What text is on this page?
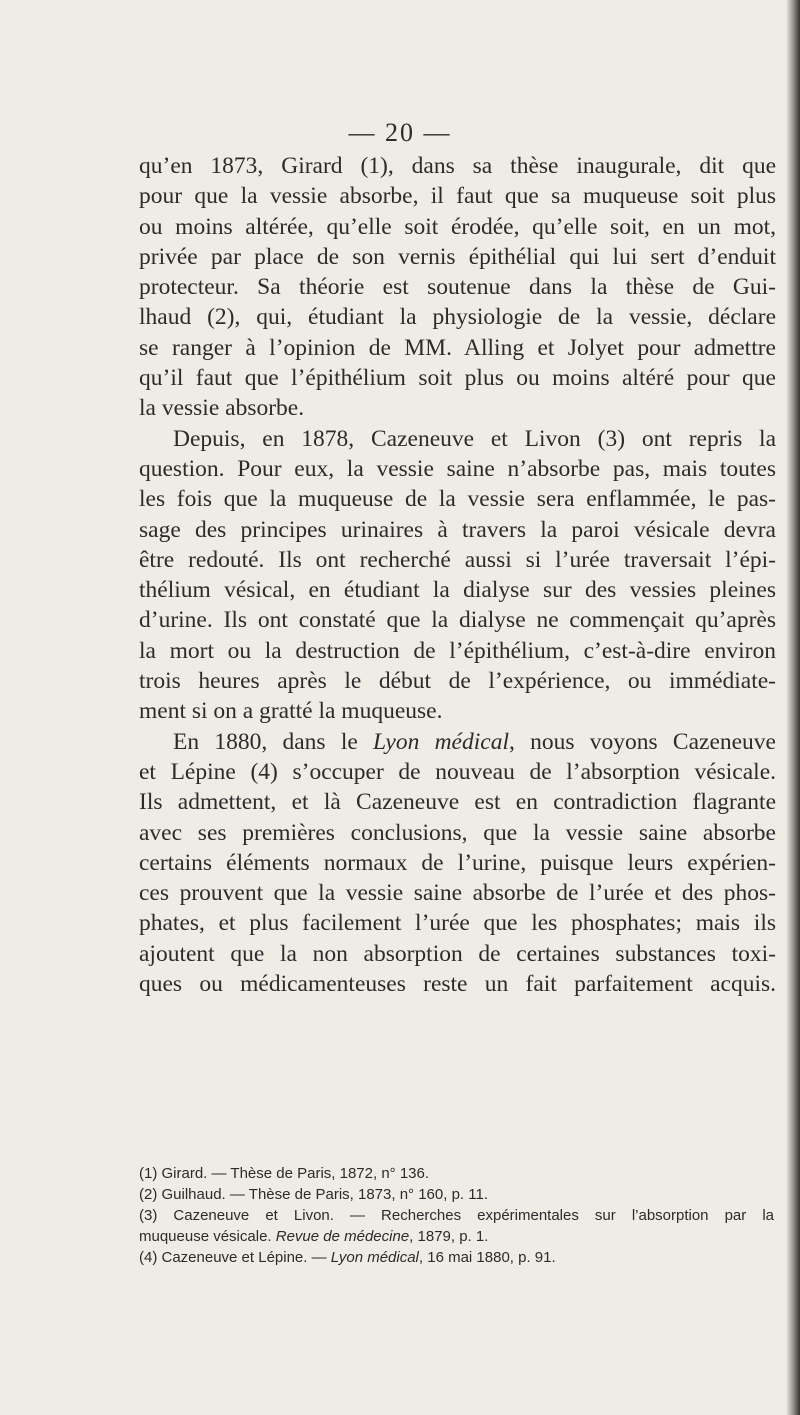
— 20 —
qu’en 1873, Girard (1), dans sa thèse inaugurale, dit que
pour que la vessie absorbe, il faut que sa muqueuse soit plus
ou moins altérée, qu’elle soit érodée, qu’elle soit, en un mot,
privée par place de son vernis épithélial qui lui sert d’enduit
protecteur. Sa théorie est soutenue dans la thèse de Gui-
lhaud (2), qui, étudiant la physiologie de la vessie, déclare
se ranger à l’opinion de MM. Alling et Jolyet pour admettre
qu’il faut que l’épithélium soit plus ou moins altéré pour que
la vessie absorbe.
Depuis, en 1878, Cazeneuve et Livon (3) ont repris la
question. Pour eux, la vessie saine n’absorbe pas, mais toutes
les fois que la muqueuse de la vessie sera enflammée, le pas-
sage des principes urinaires à travers la paroi vésicale devra
être redouté. Ils ont recherché aussi si l’urée traversait l’épi-
thélium vésical, en étudiant la dialyse sur des vessies pleines
d’urine. Ils ont constaté que la dialyse ne commençait qu’après
la mort ou la destruction de l’épithélium, c’est-à-dire environ
trois heures après le début de l’expérience, ou immédiate-
ment si on a gratté la muqueuse.
En 1880, dans le Lyon médical, nous voyons Cazeneuve
et Lépine (4) s’occuper de nouveau de l’absorption vésicale.
Ils admettent, et là Cazeneuve est en contradiction flagrante
avec ses premières conclusions, que la vessie saine absorbe
certains éléments normaux de l’urine, puisque leurs expérien-
ces prouvent que la vessie saine absorbe de l’urée et des phos-
phates, et plus facilement l’urée que les phosphates; mais ils
ajoutent que la non absorption de certaines substances toxi-
ques ou médicamenteuses reste un fait parfaitement acquis.
(1) Girard. — Thèse de Paris, 1872, n° 136.
(2) Guilhaud. — Thèse de Paris, 1873, n° 160, p. 11.
(3) Cazeneuve et Livon. — Recherches expérimentales sur l’absorption par la
muqueuse vésicale. Revue de médecine, 1879, p. 1.
(4) Cazeneuve et Lépine. — Lyon médical, 16 mai 1880, p. 91.
